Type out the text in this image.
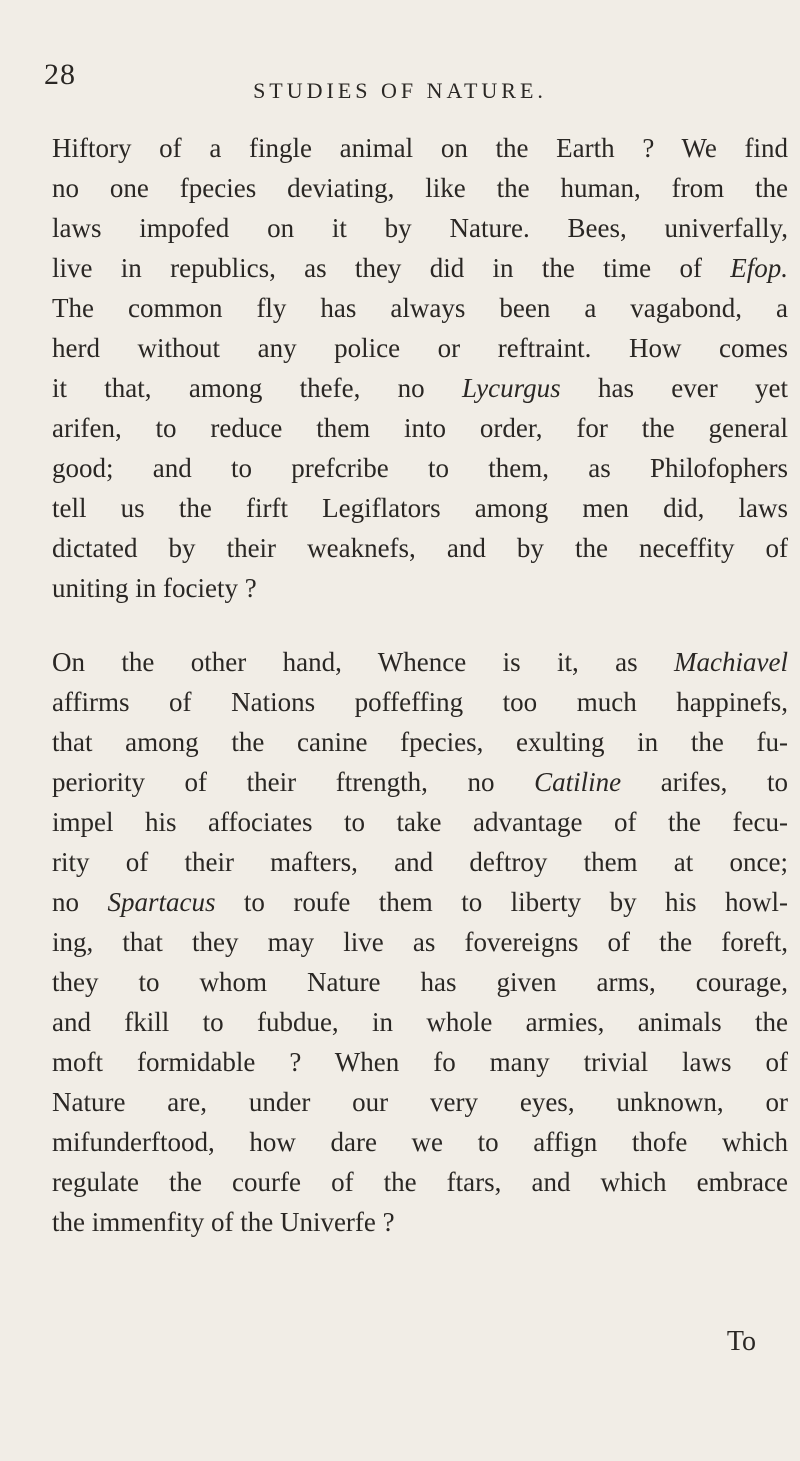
28	STUDIES OF NATURE.
Hiftory of a fingle animal on the Earth ? We find
no one fpecies deviating, like the human, from the
laws impofed on it by Nature. Bees, univerfally,
live in republics, as they did in the time of Efop.
The common fly has always been a vagabond, a
herd without any police or reftraint. How comes
it that, among thefe, no Lycurgus has ever yet
arifen, to reduce them into order, for the general
good; and to prefcribe to them, as Philofophers
tell us the firft Legiflators among men did, laws
dictated by their weaknefs, and by the neceffity of
uniting in fociety ?
On the other hand, Whence is it, as Machiavel
affirms of Nations poffeffing too much happinefs,
that among the canine fpecies, exulting in the fu-
periority of their ftrength, no Catiline arifes, to
impel his affociates to take advantage of the fecu-
rity of their mafters, and deftroy them at once;
no Spartacus to roufe them to liberty by his howl-
ing, that they may live as fovereigns of the foreft,
they to whom Nature has given arms, courage,
and fkill to fubdue, in whole armies, animals the
moft formidable ? When fo many trivial laws of
Nature are, under our very eyes, unknown, or
mifunderftood, how dare we to affign thofe which
regulate the courfe of the ftars, and which embrace
the immenfity of the Univerfe ?
To
